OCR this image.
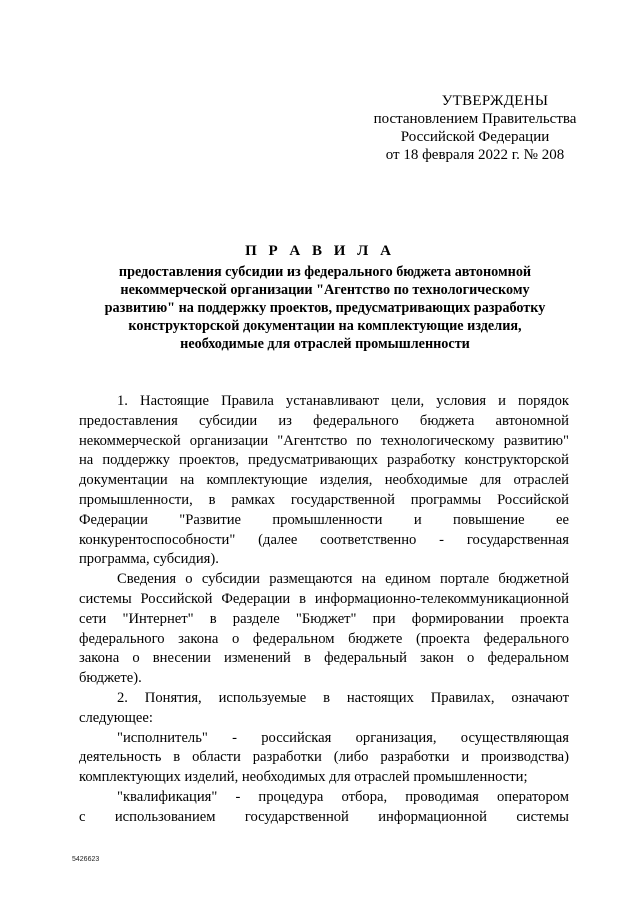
УТВЕРЖДЕНЫ
постановлением Правительства
Российской Федерации
от 18 февраля 2022 г. № 208
П Р А В И Л А
предоставления субсидии из федерального бюджета автономной
некоммерческой организации "Агентство по технологическому
развитию" на поддержку проектов, предусматривающих разработку
конструкторской документации на комплектующие изделия,
необходимые для отраслей промышленности
1. Настоящие Правила устанавливают цели, условия и порядок
предоставления субсидии из федерального бюджета автономной
некоммерческой организации "Агентство по технологическому развитию"
на поддержку проектов, предусматривающих разработку конструкторской
документации на комплектующие изделия, необходимые для отраслей
промышленности, в рамках государственной программы Российской
Федерации "Развитие промышленности и повышение ее
конкурентоспособности" (далее соответственно - государственная
программа, субсидия).
Сведения о субсидии размещаются на едином портале бюджетной
системы Российской Федерации в информационно-телекоммуникационной
сети "Интернет" в разделе "Бюджет" при формировании проекта
федерального закона о федеральном бюджете (проекта федерального
закона о внесении изменений в федеральный закон о федеральном
бюджете).
2. Понятия, используемые в настоящих Правилах, означают
следующее:
"исполнитель" - российская организация, осуществляющая
деятельность в области разработки (либо разработки и производства)
комплектующих изделий, необходимых для отраслей промышленности;
"квалификация" - процедура отбора, проводимая оператором
с использованием государственной информационной системы
5426623
